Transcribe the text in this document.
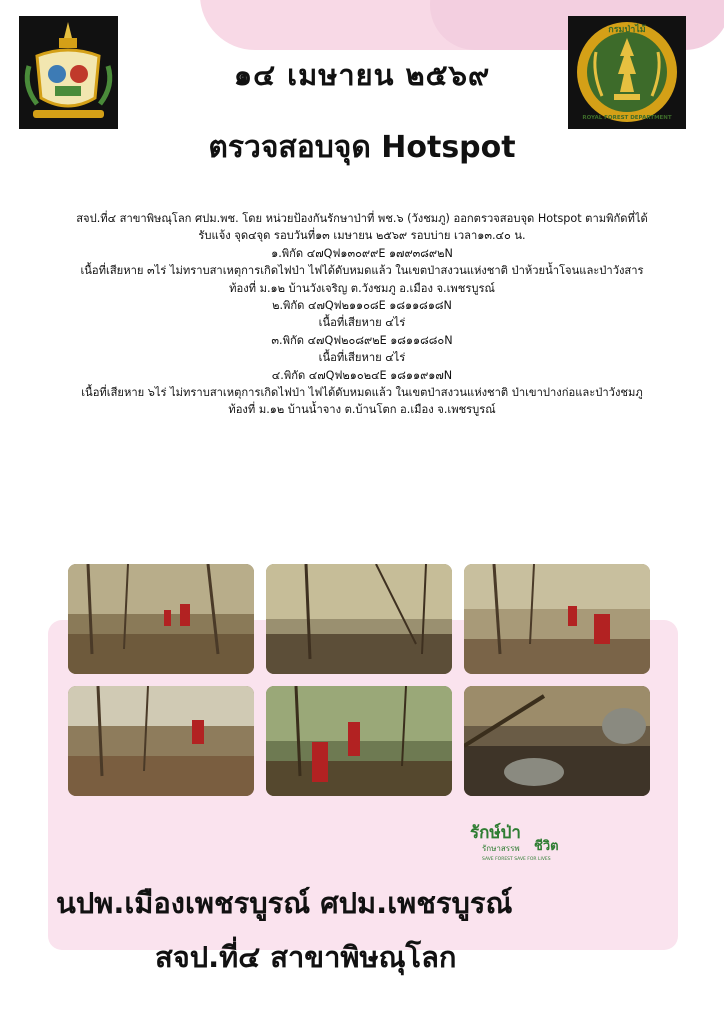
กรมป่าไม้
ROYAL FOREST DEPARTMENT
๑๔ เมษายน ๒๕๖๙
ตรวจสอบจุด Hotspot
สจป.ที่๔ สาขาพิษณุโลก ศปม.พช. โดย หน่วยป้องกันรักษาป่าที่ พช.๖ (วังชมภู) ออกตรวจสอบจุด Hotspot ตามพิกัดที่ได้
รับแจ้ง จุด๔จุด รอบวันที่๑๓ เมษายน ๒๕๖๙ รอบบ่าย เวลา๑๓.๔๐ น.
๑.พิกัด ๔๗Qฟ๑๓๐๙๙E ๑๗๙๓๘๙๒N
เนื้อที่เสียหาย ๓ไร่ ไม่ทราบสาเหตุการเกิดไฟป่า ไฟได้ดับหมดแล้ว ในเขตป่าสงวนแห่งชาติ ป่าห้วยน้ำโจนและป่าวังสาร
ท้องที่ ม.๑๒ บ้านวังเจริญ ต.วังชมภู อ.เมือง จ.เพชรบูรณ์
๒.พิกัด ๔๗Qฟ๒๑๑๐๘E ๑๘๑๑๘๑๘N
เนื้อที่เสียหาย ๔ไร่
๓.พิกัด ๔๗Qฟ๒๐๘๙๒E ๑๘๑๑๘๘๐N
เนื้อที่เสียหาย ๔ไร่
๔.พิกัด ๔๗Qฟ๒๑๐๒๔E ๑๘๑๑๙๑๗N
เนื้อที่เสียหาย ๖ไร่ ไม่ทราบสาเหตุการเกิดไฟป่า ไฟได้ดับหมดแล้ว ในเขตป่าสงวนแห่งชาติ ป่าเขาปางก่อและป่าวังชมภู
ท้องที่ ม.๑๒ บ้านน้ำจาง ต.บ้านโตก อ.เมือง จ.เพชรบูรณ์
รักษ์ป่า
ชีวิต
รักษาสรรพ
SAVE FOREST SAVE FOR LIVES
นปพ.เมืองเพชรบูรณ์ ศปม.เพชรบูรณ์
สจป.ที่๔ สาขาพิษณุโลก
